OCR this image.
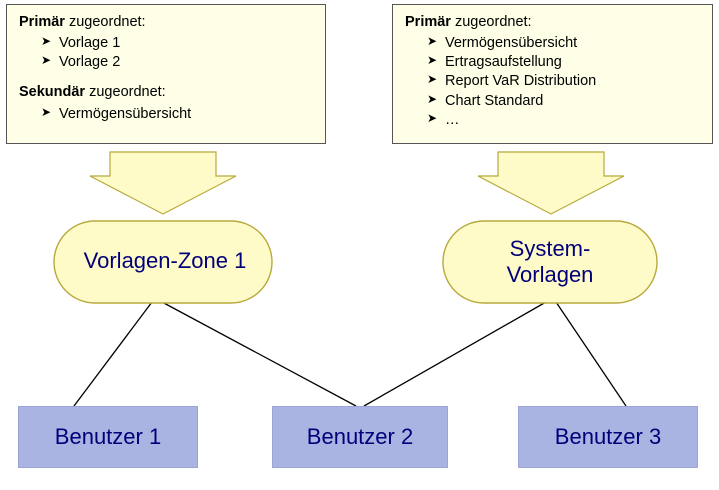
Primär zugeordnet:
➤ Vorlage 1
➤ Vorlage 2
Sekundär zugeordnet:
➤ Vermögensübersicht
Primär zugeordnet:
➤ Vermögensübersicht
➤ Ertragsaufstellung
➤ Report VaR Distribution
➤ Chart Standard
➤ …
Vorlagen-Zone 1	System-
Vorlagen
Benutzer 1	Benutzer 2	Benutzer 3
